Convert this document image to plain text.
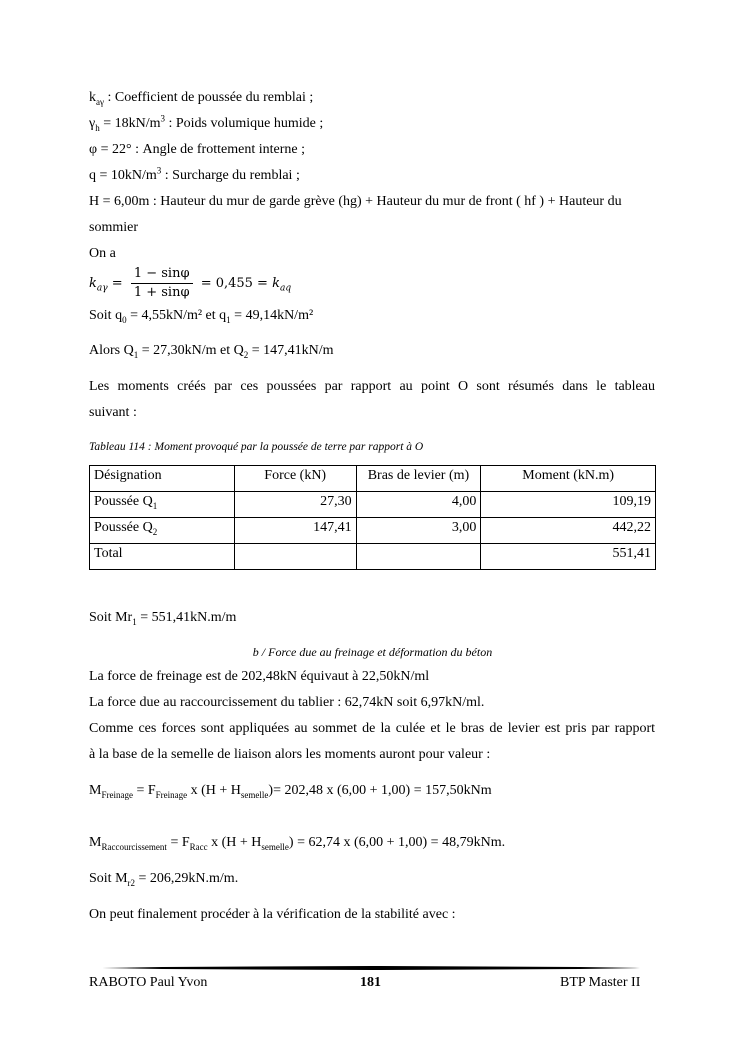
$k_{a\gamma}$ : Coefficient de poussée du remblai ;
$\gamma_h = 18kN/m^3$ : Poids volumique humide ;
φ = 22° : Angle de frottement interne ;
$q = 10kN/m^3$ : Surcharge du remblai ;
H = 6,00m : Hauteur du mur de garde grève (hg) + Hauteur du mur de front ( hf ) + Hauteur du
sommier
On a
$k_{a\gamma} = \frac{1 - \sin\varphi}{1 + \sin\varphi} = 0,455 = k_{aq}$
Soit $q_0 = 4,55kN/m^2$ et $q_1 = 49,14kN/m^2$
Alors $Q_1 = 27,30kN/m$ et $Q_2 = 147,41kN/m$
Les moments créés par ces poussées par rapport au point O sont résumés dans le tableau
suivant :
Tableau 114 : Moment provoqué par la poussée de terre par rapport à O
Désignation	Force (kN)	Bras de levier (m)	Moment (kN.m)
Poussée $Q_1$	27,30	4,00	109,19
Poussée $Q_2$	147,41	3,00	442,22
Total			551,41
Soit $Mr_1 = 551,41kN.m/m$
b / Force due au freinage et déformation du béton
La force de freinage est de 202,48kN équivaut à 22,50kN/ml
La force due au raccourcissement du tablier : 62,74kN soit 6,97kN/ml.
Comme ces forces sont appliquées au sommet de la culée et le bras de levier est pris par rapport
à la base de la semelle de liaison alors les moments auront pour valeur :
$M_{Freinage} = F_{Freinage}$ x $(H + H_{semelle})= 202,48$ x (6,00 + 1,00) = 157,50kNm
$M_{Raccourcissement} = F_{Racc}$ x $(H + H_{semelle}) = 62,74$ x (6,00 + 1,00) = 48,79kNm.
Soit $M_{r2} = 206,29kN.m/m$.
On peut finalement procéder à la vérification de la stabilité avec :
RABOTO Paul Yvon	181	BTP Master II
